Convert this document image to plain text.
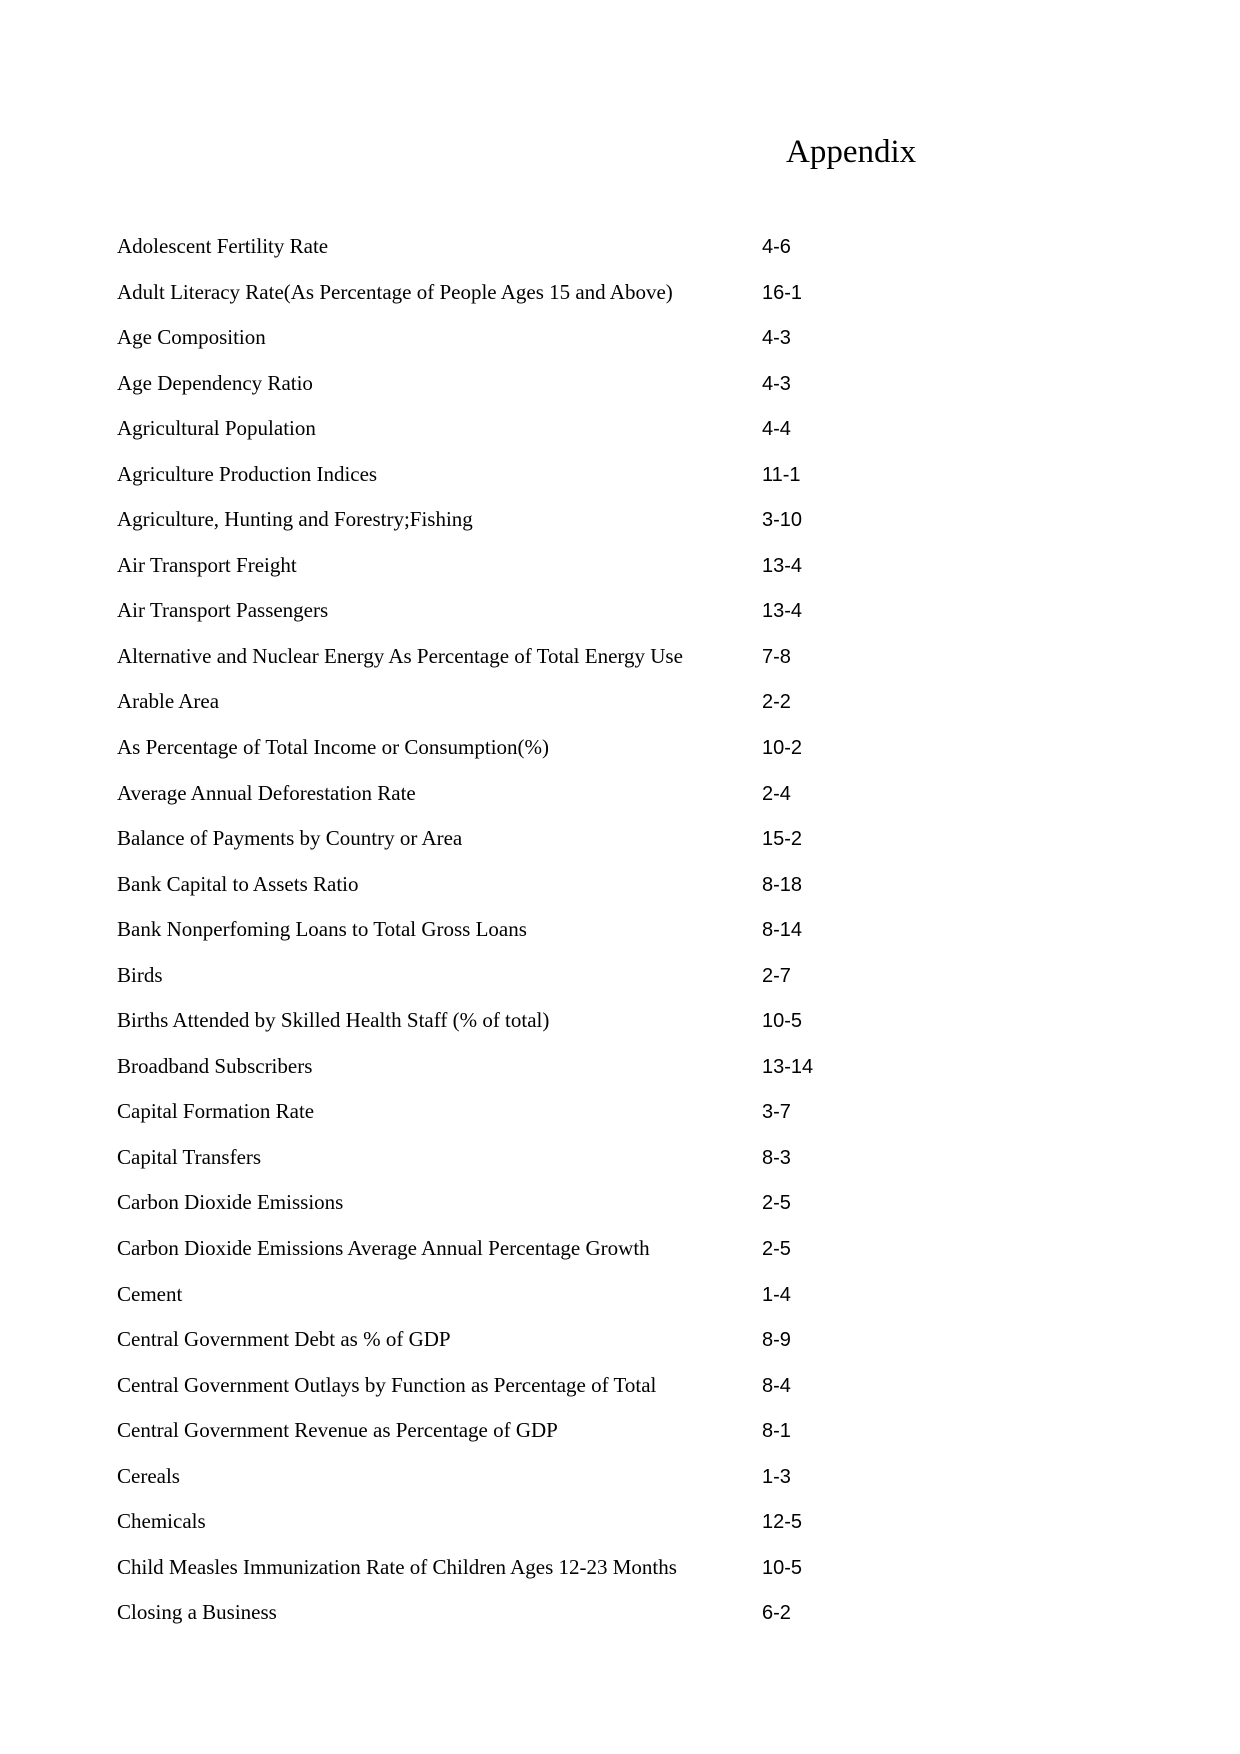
Appendix
Adolescent Fertility Rate	4-6
Adult Literacy Rate(As Percentage of People Ages 15 and Above)	16-1
Age Composition	4-3
Age Dependency Ratio	4-3
Agricultural Population	4-4
Agriculture Production Indices	11-1
Agriculture, Hunting and Forestry;Fishing	3-10
Air Transport Freight	13-4
Air Transport Passengers	13-4
Alternative and Nuclear Energy As Percentage of Total Energy Use	7-8
Arable Area	2-2
As Percentage of Total Income or Consumption(%)	10-2
Average Annual Deforestation Rate	2-4
Balance of Payments by Country or Area	15-2
Bank Capital to Assets Ratio	8-18
Bank Nonperfoming Loans to Total Gross Loans	8-14
Birds	2-7
Births Attended by Skilled Health Staff (% of total)	10-5
Broadband Subscribers	13-14
Capital Formation Rate	3-7
Capital Transfers	8-3
Carbon Dioxide Emissions	2-5
Carbon Dioxide Emissions Average Annual Percentage Growth	2-5
Cement	1-4
Central Government Debt as % of GDP	8-9
Central Government Outlays by Function as Percentage of Total	8-4
Central Government Revenue as Percentage of GDP	8-1
Cereals	1-3
Chemicals	12-5
Child Measles Immunization Rate of Children Ages 12-23 Months	10-5
Closing a Business	6-2
